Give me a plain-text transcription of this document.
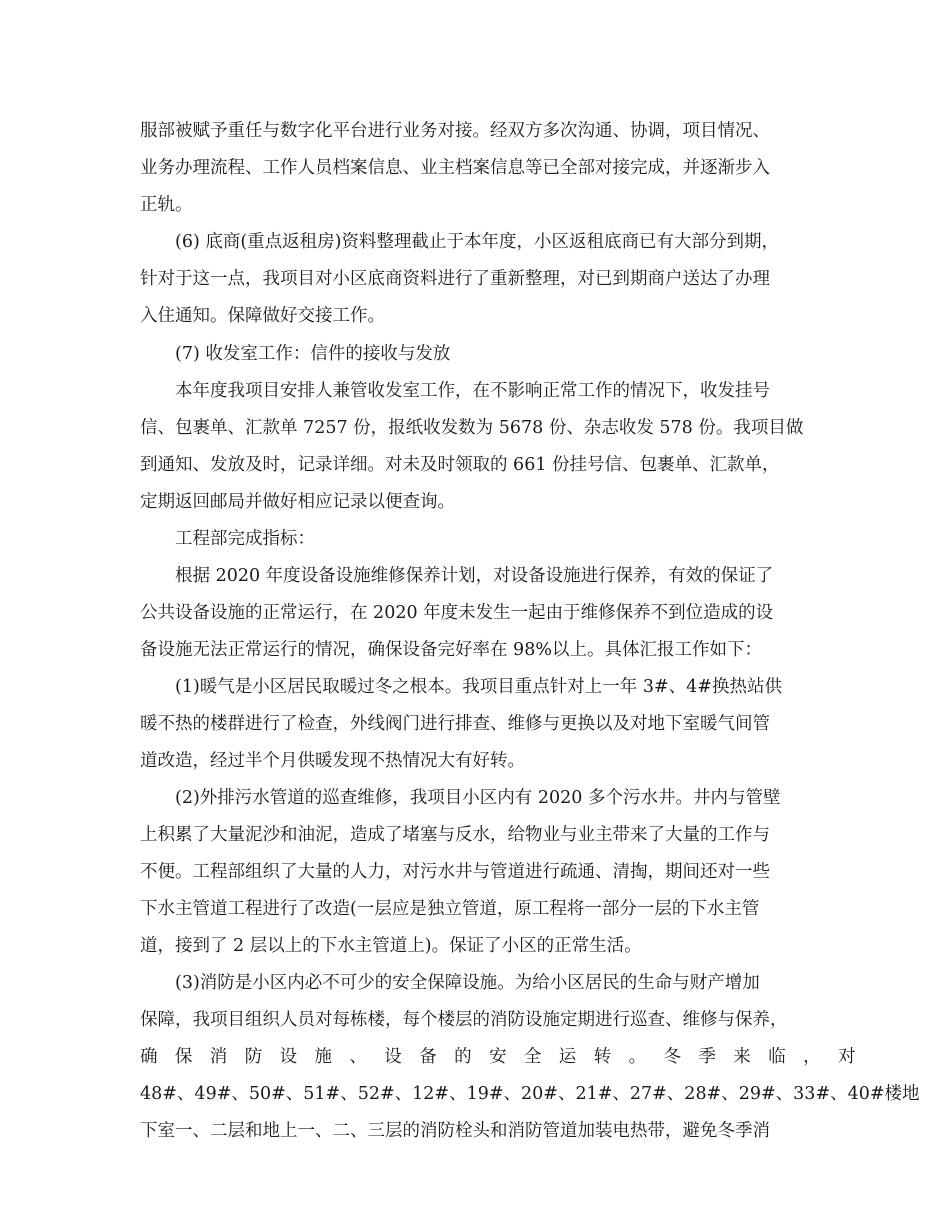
服部被赋予重任与数字化平台进行业务对接。经双方多次沟通、协调，项目情况、
业务办理流程、工作人员档案信息、业主档案信息等已全部对接完成，并逐渐步入
正轨。
(6) 底商(重点返租房)资料整理截止于本年度，小区返租底商已有大部分到期，
针对于这一点，我项目对小区底商资料进行了重新整理，对已到期商户送达了办理
入住通知。保障做好交接工作。
(7) 收发室工作：信件的接收与发放
本年度我项目安排人兼管收发室工作，在不影响正常工作的情况下，收发挂号
信、包裹单、汇款单 7257 份，报纸收发数为 5678 份、杂志收发 578 份。我项目做
到通知、发放及时，记录详细。对未及时领取的 661 份挂号信、包裹单、汇款单，
定期返回邮局并做好相应记录以便查询。
工程部完成指标：
根据 2020 年度设备设施维修保养计划，对设备设施进行保养，有效的保证了
公共设备设施的正常运行，在 2020 年度未发生一起由于维修保养不到位造成的设
备设施无法正常运行的情况，确保设备完好率在 98%以上。具体汇报工作如下：
(1)暖气是小区居民取暖过冬之根本。我项目重点针对上一年 3#、4#换热站供
暖不热的楼群进行了检查，外线阀门进行排查、维修与更换以及对地下室暖气间管
道改造，经过半个月供暖发现不热情况大有好转。
(2)外排污水管道的巡查维修，我项目小区内有 2020 多个污水井。井内与管壁
上积累了大量泥沙和油泥，造成了堵塞与反水，给物业与业主带来了大量的工作与
不便。工程部组织了大量的人力，对污水井与管道进行疏通、清掏，期间还对一些
下水主管道工程进行了改造(一层应是独立管道，原工程将一部分一层的下水主管
道，接到了 2 层以上的下水主管道上)。保证了小区的正常生活。
(3)消防是小区内必不可少的安全保障设施。为给小区居民的生命与财产增加
保障，我项目组织人员对每栋楼，每个楼层的消防设施定期进行巡查、维修与保养，
确保消防设施、设备的安全运转。冬季来临，对
48#、49#、50#、51#、52#、12#、19#、20#、21#、27#、28#、29#、33#、40#楼地
下室一、二层和地上一、二、三层的消防栓头和消防管道加装电热带，避免冬季消
